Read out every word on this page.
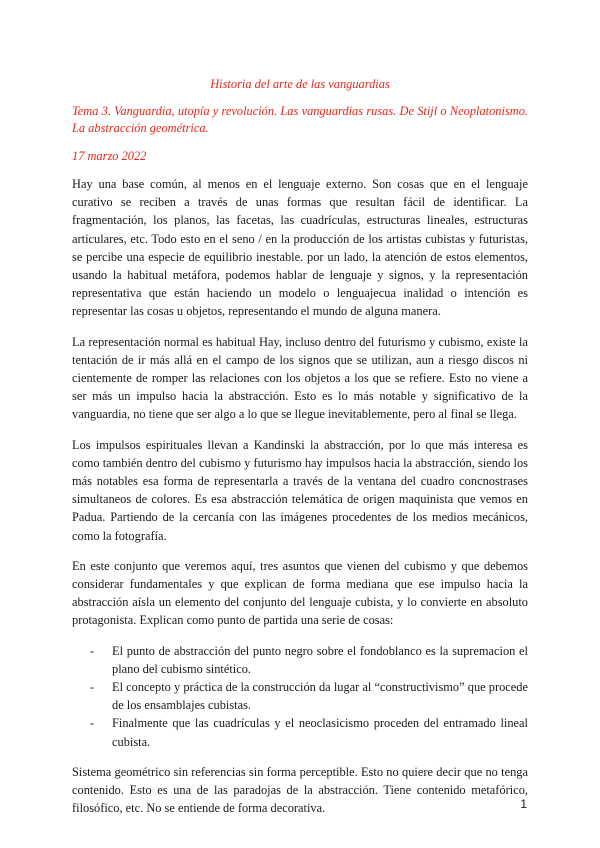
Historia del arte de las vanguardias
Tema 3. Vanguardia, utopía y revolución. Las vanguardias rusas. De Stijl o Neoplatonismo. La abstracción geométrica.
17 marzo 2022

Hay una base común, al menos en el lenguaje externo. Son cosas que en el lenguaje curativo se reciben a través de unas formas que resultan fácil de identificar. La fragmentación, los planos, las facetas, las cuadrículas, estructuras lineales, estructuras articulares, etc. Todo esto en el seno / en la producción de los artistas cubistas y futuristas, se percibe una especie de equilibrio inestable. por un lado, la atención de estos elementos, usando la habitual metáfora, podemos hablar de lenguaje y signos, y la representación representativa que están haciendo un modelo o lenguajecua inalidad o intención es representar las cosas u objetos, representando el mundo de alguna manera.

La representación normal es habitual Hay, incluso dentro del futurismo y cubismo, existe la tentación de ir más allá en el campo de los signos que se utilizan, aun a riesgo discos ni cientemente de romper las relaciones con los objetos a los que se refiere. Esto no viene a ser más un impulso hacia la abstracción. Esto es lo más notable y significativo de la vanguardia, no tiene que ser algo a lo que se llegue inevitablemente, pero al final se llega.

Los impulsos espirituales llevan a Kandinski la abstracción, por lo que más interesa es como también dentro del cubismo y futurismo hay impulsos hacia la abstracción, siendo los más notables esa forma de representarla a través de la ventana del cuadro concnostrases simultaneos de colores. Es esa abstracción telemática de origen maquinista que vemos en Padua. Partiendo de la cercanía con las imágenes procedentes de los medios mecánicos, como la fotografía.

En este conjunto que veremos aquí, tres asuntos que vienen del cubismo y que debemos considerar fundamentales y que explican de forma mediana que ese impulso hacia la abstracción aísla un elemento del conjunto del lenguaje cubista, y lo convierte en absoluto protagonista. Explican como punto de partida una serie de cosas:

- El punto de abstracción del punto negro sobre el fondoblanco es la supremacion el plano del cubismo sintético.
- El concepto y práctica de la construcción da lugar al “constructivismo” que procede de los ensamblajes cubistas.
- Finalmente que las cuadrículas y el neoclasicismo proceden del entramado lineal cubista.

Sistema geométrico sin referencias sin forma perceptible. Esto no quiere decir que no tenga contenido. Esto es una de las paradojas de la abstracción. Tiene contenido metafórico, filosófico, etc. No se entiende de forma decorativa.	1
